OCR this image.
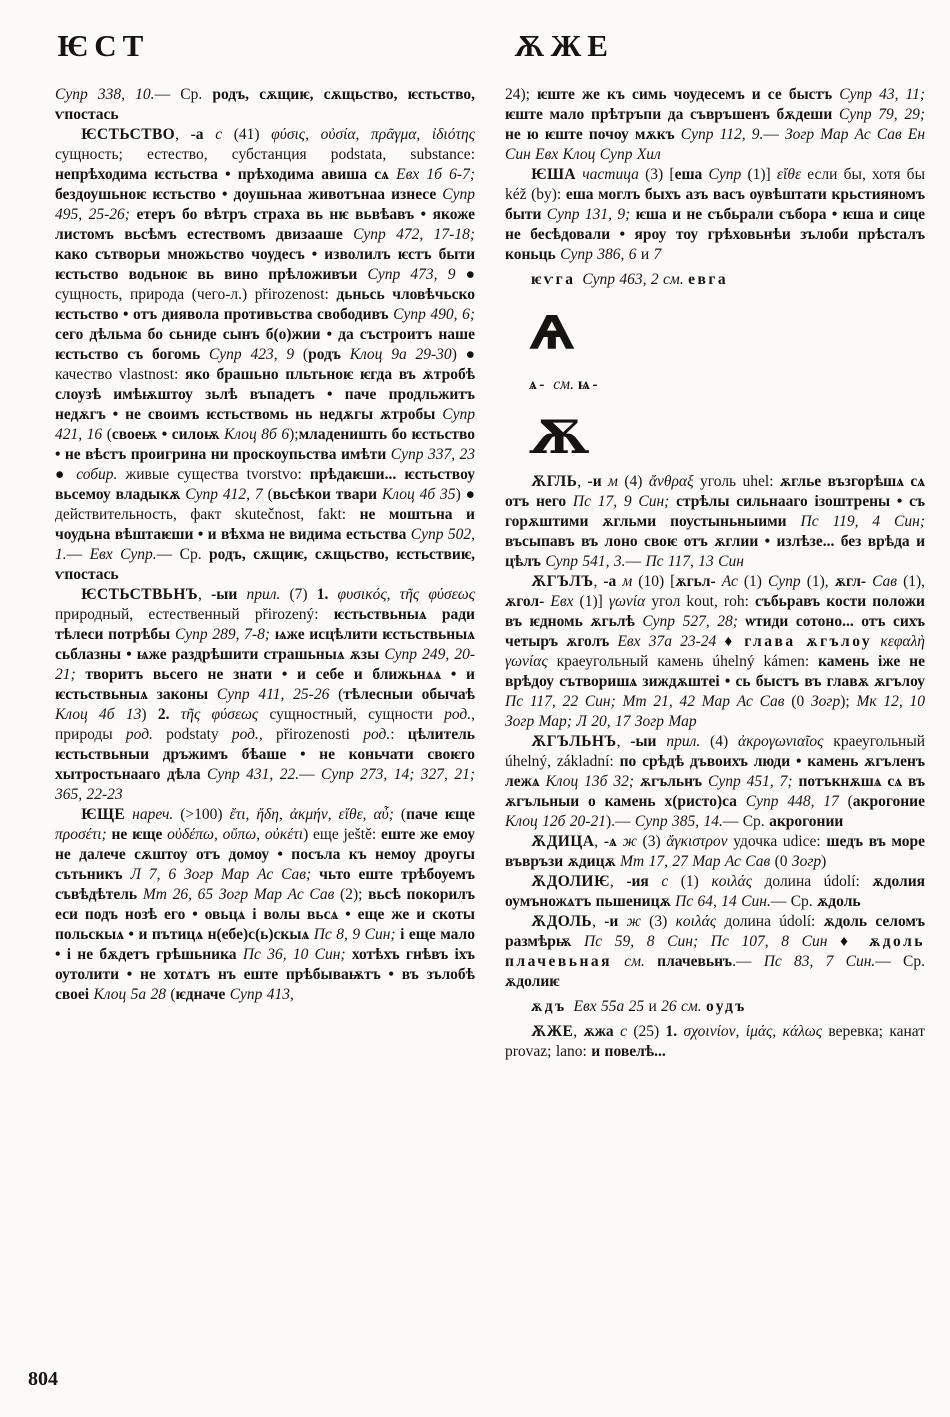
ѤСТ	ѪЖЕ

Супр 338, 10.— Ср. родъ, сѫщиѥ, сѫщьство, ѥстьство, ѵпостась

ѤСТЬСТВО, -а с (41) φύσις, οὐσία, πρᾶγμα, ἰδιότης сущность; естество, субстанция podstata, substance: непрѣходима ѥстьства • прѣходима авиша сѧ Евх 1б 6-7; бездоушьноѥ ѥстьство • доушьнаа животънаа изнесе Супр 495, 25-26; етеръ бо вѣтръ страха вь нѥ вьвѣавъ • якоже листомъ вьсѣмъ естествомъ двизааше Супр 472, 17-18; како сътворьи множьство чоудесъ • изволилъ ѥстъ быти ѥстьство водьноѥ вь вино прѣложивъи Супр 473, 9 ● сущность, природа (чего-л.) přirozenost: дьньсь чловѣчьско ѥстьство • отъ диявола противьства свободивъ Супр 490, 6; сего дѣльма бо сьниде сынъ б(о)жии • да състроитъ наше ѥстьство съ богомь Супр 423, 9 (родъ Клоц 9а 29-30) ● качество vlastnost: яко брашьно пльтьноѥ ѥгда въ ѫтробѣ слоузѣ имѣѭштоу зьлѣ въпадетъ • паче продльжитъ недѫгъ • не своимъ ѥстьствомь нь недѫгы ѫтробы Супр 421, 16 (своеѭ • силоѭ Клоц 8б 6);младеништь бо ѥстьство • не вѣстъ проигрина ни проскоупьства имѣти Супр 337, 23 ● собир. живые существа tvorstvo: прѣдаѥши... ѥстьствоу вьсемоу владыкѫ Супр 412, 7 (вьсѣкои твари Клоц 4б 35) ● действительность, факт skutečnost, fakt: не моштьна и чоудьна вѣштаѥши • и вѣхма не видима естьства Супр 502, 1.— Евх Супр.— Ср. родъ, сѫщиѥ, сѫщьство, ѥстьствиѥ, ѵпостась

ѤСТЬСТВЬНЪ, -ыи прил. (7) 1. φυσικός, τῆς φύσεως природный, естественный přirozený: ѥстьствьныѧ ради тѣлеси потрѣбы Супр 289, 7-8; ѩже исцѣлити ѥстьствьныѧ сьблазны • ѩже раздрѣшити страшьныѧ ѫзы Супр 249, 20-21; творитъ вьсего не знати • и себе и ближьнѧѧ • и ѥстьствьныѧ законы Супр 411, 25-26 (тѣлесныи обычаѣ Клоц 4б 13) 2. τῆς φύσεως сущностный, сущности род., природы род. podstaty род., přirozenosti род.: цѣлитель ѥстьствьныи дръжимъ бѣаше • не коньчати своѥго хытростьнааго дѣла Супр 431, 22.— Супр 273, 14; 327, 21; 365, 22-23

ѤЩЕ нареч. (>100) ἔτι, ἤδη, ἀκμήν, εἴθε, αὖ; (паче ѥще προσέτι; не ѥще οὐδέπω, οὔπω, οὐκέτι) еще ještě: еште же емоу не далече сѫштоу отъ домоу • посъла къ немоу дроугы сътьникъ Л 7, 6 Зогр Мар Ас Сав; чьто еште трѣбоуемъ съвѣдѣтель Мт 26, 65 Зогр Мар Ас Сав (2); вьсѣ покорилъ еси подъ нозѣ его • овьцѧ і волы вьсѧ • еще же и скоты польскыѧ • и пътицѧ н(ебе)с(ь)скыѧ Пс 8, 9 Син; і еще мало • і не бѫдетъ грѣшьника Пс 36, 10 Син; хотѣхъ гнѣвъ іхъ оутолити • не хотѧтъ нъ еште прѣбываѭтъ • въ зълобѣ своеі Клоц 5а 28 (ѥдначе Супр 413,

24); ѥште же къ симь чоудесемъ и се быстъ Супр 43, 11; ѥште мало прѣтръпи да съвръшенъ бѫдеши Супр 79, 29; не ю ѥште почоу мѫкъ Супр 112, 9.— Зогр Мар Ас Сав Ен Син Евх Клоц Супр Хил

ѤША частица (3) [еша Супр (1)] εἴθε если бы, хотя бы kéž (by): еша моглъ быхъ азъ васъ оувѣштати крьстияномъ быти Супр 131, 9; ѥша и не събьрали събора • ѥша и сице не бесѣдовали • яроу тоу грѣховьнѣи зълоби прѣсталъ коньць Супр 386, 6 и 7

ѥѵга Супр 463, 2 см. евга

Ѧ
ѧ- см. ѩ-
Ѫ

ѪГЛЬ, -и м (4) ἄνθραξ уголь uhel: ѫглье възгорѣшѧ сѧ отъ него Пс 17, 9 Син; стрѣлы сильнааго ізоштрены • съ горѫштими ѫгльми поустыньныими Пс 119, 4 Син; въсыпавъ въ лоно своѥ отъ ѫглии • излѣзе... без врѣда и цѣлъ Супр 541, 3.— Пс 117, 13 Син

ѪГЪЛЪ, -а м (10) [ѫгьл- Ас (1) Супр (1), ѫгл- Сав (1), ѫгол- Евх (1)] γωνία угол kout, roh: събьравъ кости положи въ ѥдномь ѫгьлѣ Супр 527, 28; ѡтиди сотоно... отъ сихъ четыръ ѫголъ Евх 37а 23-24 ♦ глава ѫгълоу κεφαλὴ γωνίας краеугольный камень úhelný kámen: камень іже не врѣдоу сътворишѧ зиждѫштеі • сь быстъ въ главѫ ѫгълоу Пс 117, 22 Син; Мт 21, 42 Мар Ас Сав (0 Зогр); Мк 12, 10 Зогр Мар; Л 20, 17 Зогр Мар

ѪГЪЛЬНЪ, -ыи прил. (4) ἀκρογωνιαῖος краеугольный úhelný, základní: по срѣдѣ дъвоихъ люди • камень ѫгъленъ лежѧ Клоц 13б 32; ѫгъльнъ Супр 451, 7; потъкнѫшѧ сѧ въ ѫгъльныи о камень х(ристо)са Супр 448, 17 (акрогоние Клоц 12б 20-21).— Супр 385, 14.— Ср. акрогонии

ѪДИЦА, -ѧ ж (3) ἄγκιστρον удочка udice: шедъ въ море въвръзи ѫдицѫ Мт 17, 27 Мар Ас Сав (0 Зогр)

ѪДОЛИѤ, -ия с (1) κοιλάς долина údolí: ѫдолия оумъножѧтъ пьшеницѫ Пс 64, 14 Син.— Ср. ѫдоль

ѪДОЛЬ, -и ж (3) κοιλάς долина údolí: ѫдоль селомъ размѣрѭ Пс 59, 8 Син; Пс 107, 8 Син ♦ ѫдоль плачевьная см. плачевьнъ.— Пс 83, 7 Син.— Ср. ѫдолиѥ

ѫдъ Евх 55а 25 и 26 см. оудъ

ѪЖЕ, ѫжа с (25) 1. σχοινίον, ἱμάς, κάλως веревка; канат provaz; lano: и повелѣ...

804
